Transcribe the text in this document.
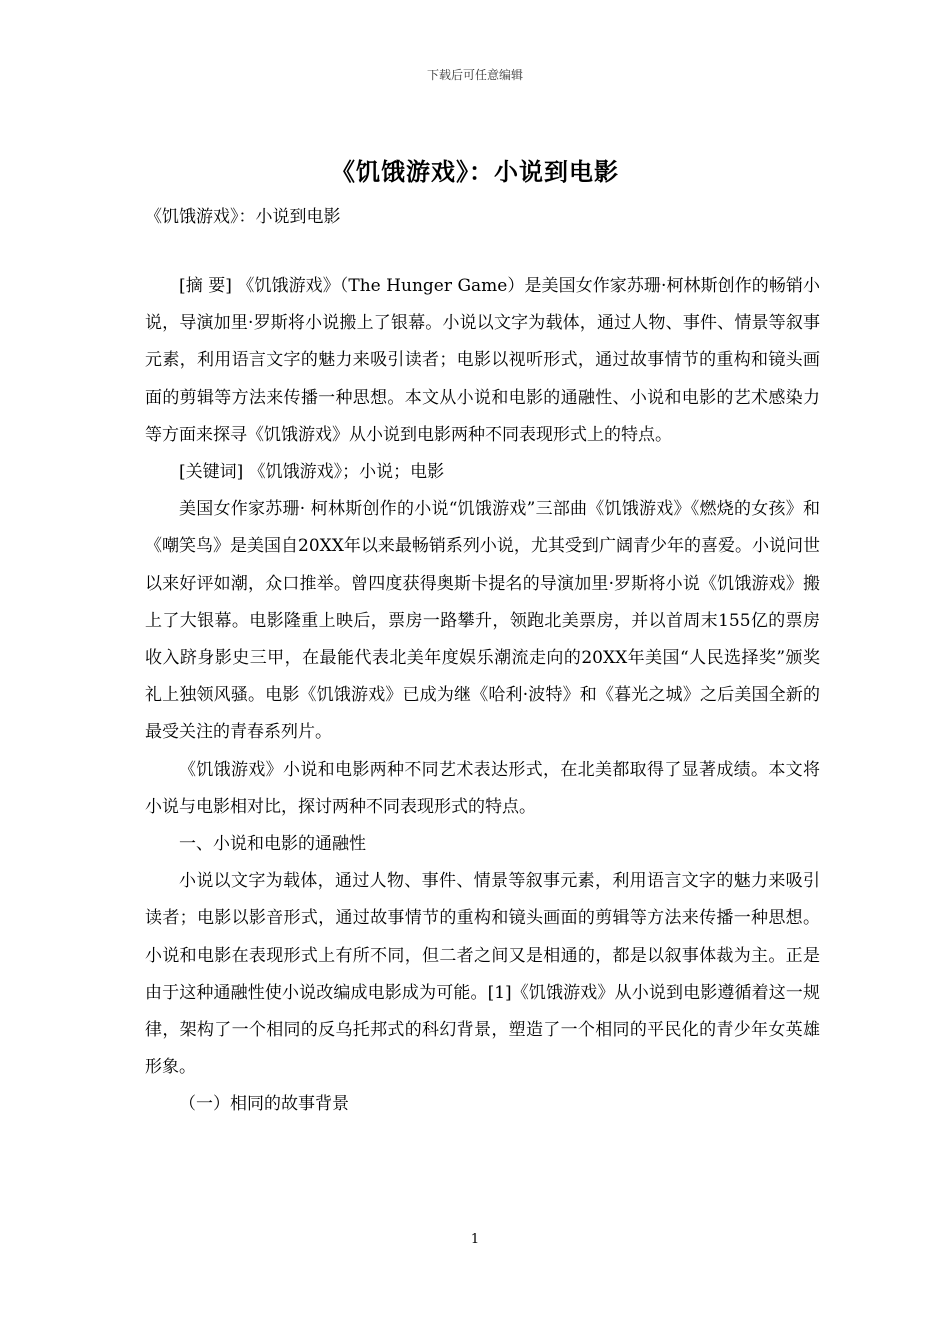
下载后可任意编辑
《饥饿游戏》：小说到电影
《饥饿游戏》：小说到电影

[摘 要] 《饥饿游戏》（The Hunger Game）是美国女作家苏珊·柯林斯创作的畅销小说，导演加里·罗斯将小说搬上了银幕。小说以文字为载体，通过人物、事件、情景等叙事元素，利用语言文字的魅力来吸引读者；电影以视听形式，通过故事情节的重构和镜头画面的剪辑等方法来传播一种思想。本文从小说和电影的通融性、小说和电影的艺术感染力等方面来探寻《饥饿游戏》从小说到电影两种不同表现形式上的特点。

[关键词] 《饥饿游戏》；小说；电影

美国女作家苏珊· 柯林斯创作的小说“饥饿游戏”三部曲《饥饿游戏》《燃烧的女孩》和《嘲笑鸟》是美国自20XX年以来最畅销系列小说，尤其受到广阔青少年的喜爱。小说问世以来好评如潮，众口推举。曾四度获得奥斯卡提名的导演加里·罗斯将小说《饥饿游戏》搬上了大银幕。电影隆重上映后，票房一路攀升，领跑北美票房，并以首周末155亿的票房收入跻身影史三甲，在最能代表北美年度娱乐潮流走向的20XX年美国“人民选择奖”颁奖礼上独领风骚。电影《饥饿游戏》已成为继《哈利·波特》和《暮光之城》之后美国全新的最受关注的青春系列片。

《饥饿游戏》小说和电影两种不同艺术表达形式，在北美都取得了显著成绩。本文将小说与电影相对比，探讨两种不同表现形式的特点。

一、小说和电影的通融性

小说以文字为载体，通过人物、事件、情景等叙事元素，利用语言文字的魅力来吸引读者；电影以影音形式，通过故事情节的重构和镜头画面的剪辑等方法来传播一种思想。小说和电影在表现形式上有所不同，但二者之间又是相通的，都是以叙事体裁为主。正是由于这种通融性使小说改编成电影成为可能。[1]《饥饿游戏》从小说到电影遵循着这一规律，架构了一个相同的反乌托邦式的科幻背景，塑造了一个相同的平民化的青少年女英雄形象。

（一）相同的故事背景

1
